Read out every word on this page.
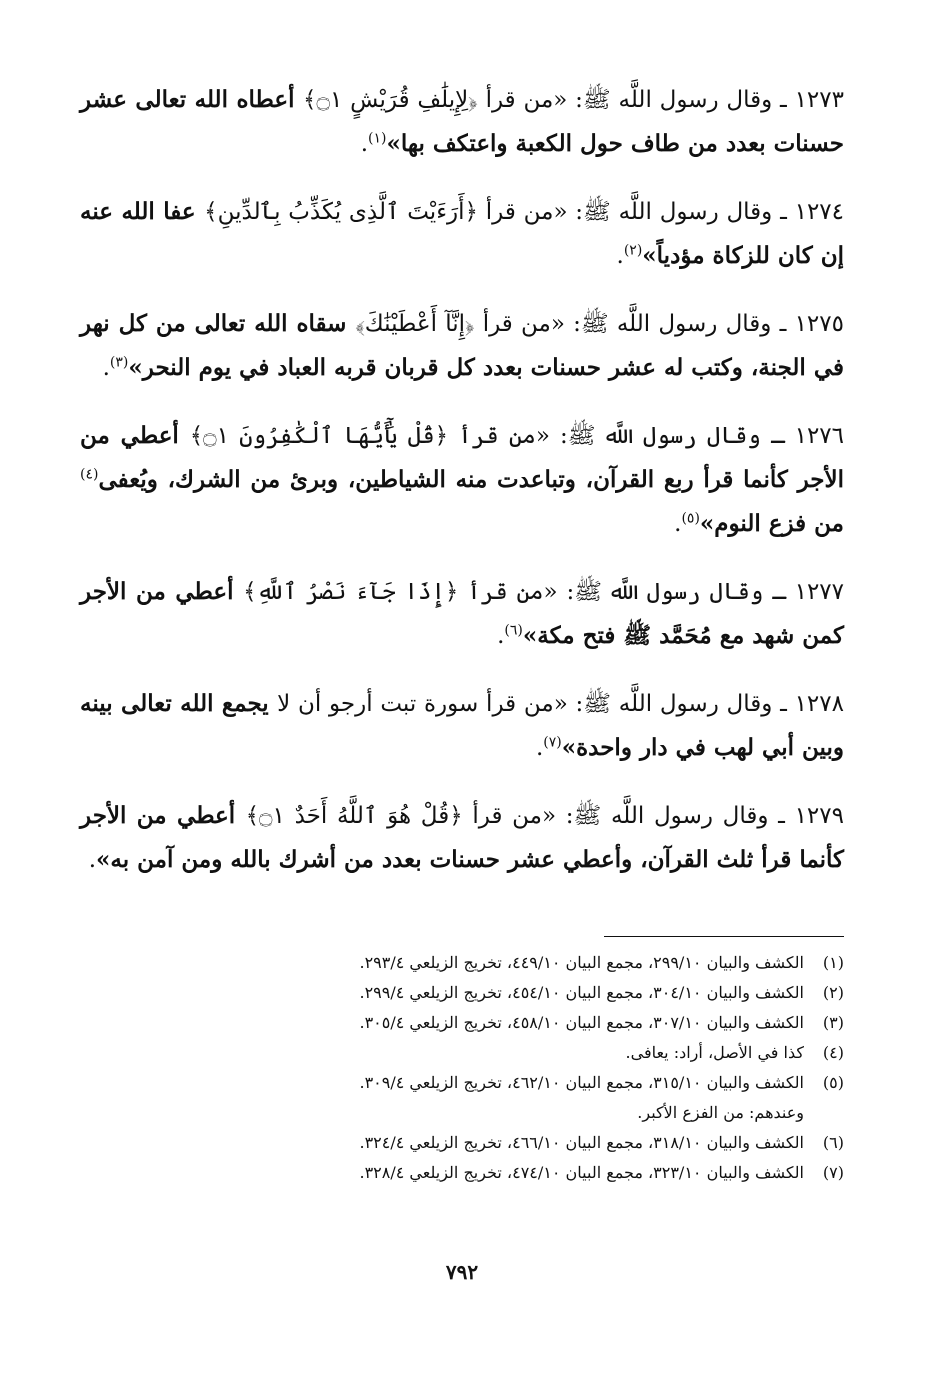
١٢٧٣ ـ وقال رسول اللَّه ﷺ: «من قرأ ﴿لِإِيلَٰفِ قُرَيْشٍ ۝١﴾ أعطاه الله تعالى عشر حسنات بعدد من طاف حول الكعبة واعتكف بها»$^{(١)}$.

١٢٧٤ ـ وقال رسول اللَّه ﷺ: «من قرأ ﴿أَرَءَيْتَ ٱلَّذِى يُكَذِّبُ بِٱلدِّينِ﴾ عفا الله عنه إن كان للزكاة مؤدياً»$^{(٢)}$.

١٢٧٥ ـ وقال رسول اللَّه ﷺ: «من قرأ ﴿إِنَّآ أَعْطَيْنَٰكَ﴾ سقاه الله تعالى من كل نهر في الجنة، وكتب له عشر حسنات بعدد كل قربان قربه العباد في يوم النحر»$^{(٣)}$.

١٢٧٦ ـ وقال رسول اللَّه ﷺ: «من قرأ ﴿قُلْ يَٰٓأَيُّهَا ٱلْكَٰفِرُونَ ۝١﴾ أعطي من الأجر كأنما قرأ ربع القرآن، وتباعدت منه الشياطين، وبرئ من الشرك، ويُعفى$^{(٤)}$ من فزع النوم»$^{(٥)}$.

١٢٧٧ ـ وقال رسول اللَّه ﷺ: «من قرأ ﴿إِذَا جَآءَ نَصْرُ ٱللَّهِ﴾ أعطي من الأجر كمن شهد مع مُحَمَّد ﷺ فتح مكة»$^{(٦)}$.

١٢٧٨ ـ وقال رسول اللَّه ﷺ: «من قرأ سورة تبت أرجو أن لا يجمع الله تعالى بينه وبين أبي لهب في دار واحدة»$^{(٧)}$.

١٢٧٩ ـ وقال رسول اللَّه ﷺ: «من قرأ ﴿قُلْ هُوَ ٱللَّهُ أَحَدٌ ۝١﴾ أعطي من الأجر كأنما قرأ ثلث القرآن، وأعطي عشر حسنات بعدد من أشرك بالله ومن آمن به».

(١)
الكشف والبيان ٢٩٩/١٠، مجمع البيان ٤٤٩/١٠، تخريج الزيلعي ٢٩٣/٤.
(٢)
الكشف والبيان ٣٠٤/١٠، مجمع البيان ٤٥٤/١٠، تخريج الزيلعي ٢٩٩/٤.
(٣)
الكشف والبيان ٣٠٧/١٠، مجمع البيان ٤٥٨/١٠، تخريج الزيلعي ٣٠٥/٤.
(٤)
كذا في الأصل، أراد: يعافى.
(٥)
الكشف والبيان ٣١٥/١٠، مجمع البيان ٤٦٢/١٠، تخريج الزيلعي ٣٠٩/٤.
وعندهم: من الفزع الأكبر.
(٦)
الكشف والبيان ٣١٨/١٠، مجمع البيان ٤٦٦/١٠، تخريج الزيلعي ٣٢٤/٤.
(٧)
الكشف والبيان ٣٢٣/١٠، مجمع البيان ٤٧٤/١٠، تخريج الزيلعي ٣٢٨/٤.
٧٩٢
